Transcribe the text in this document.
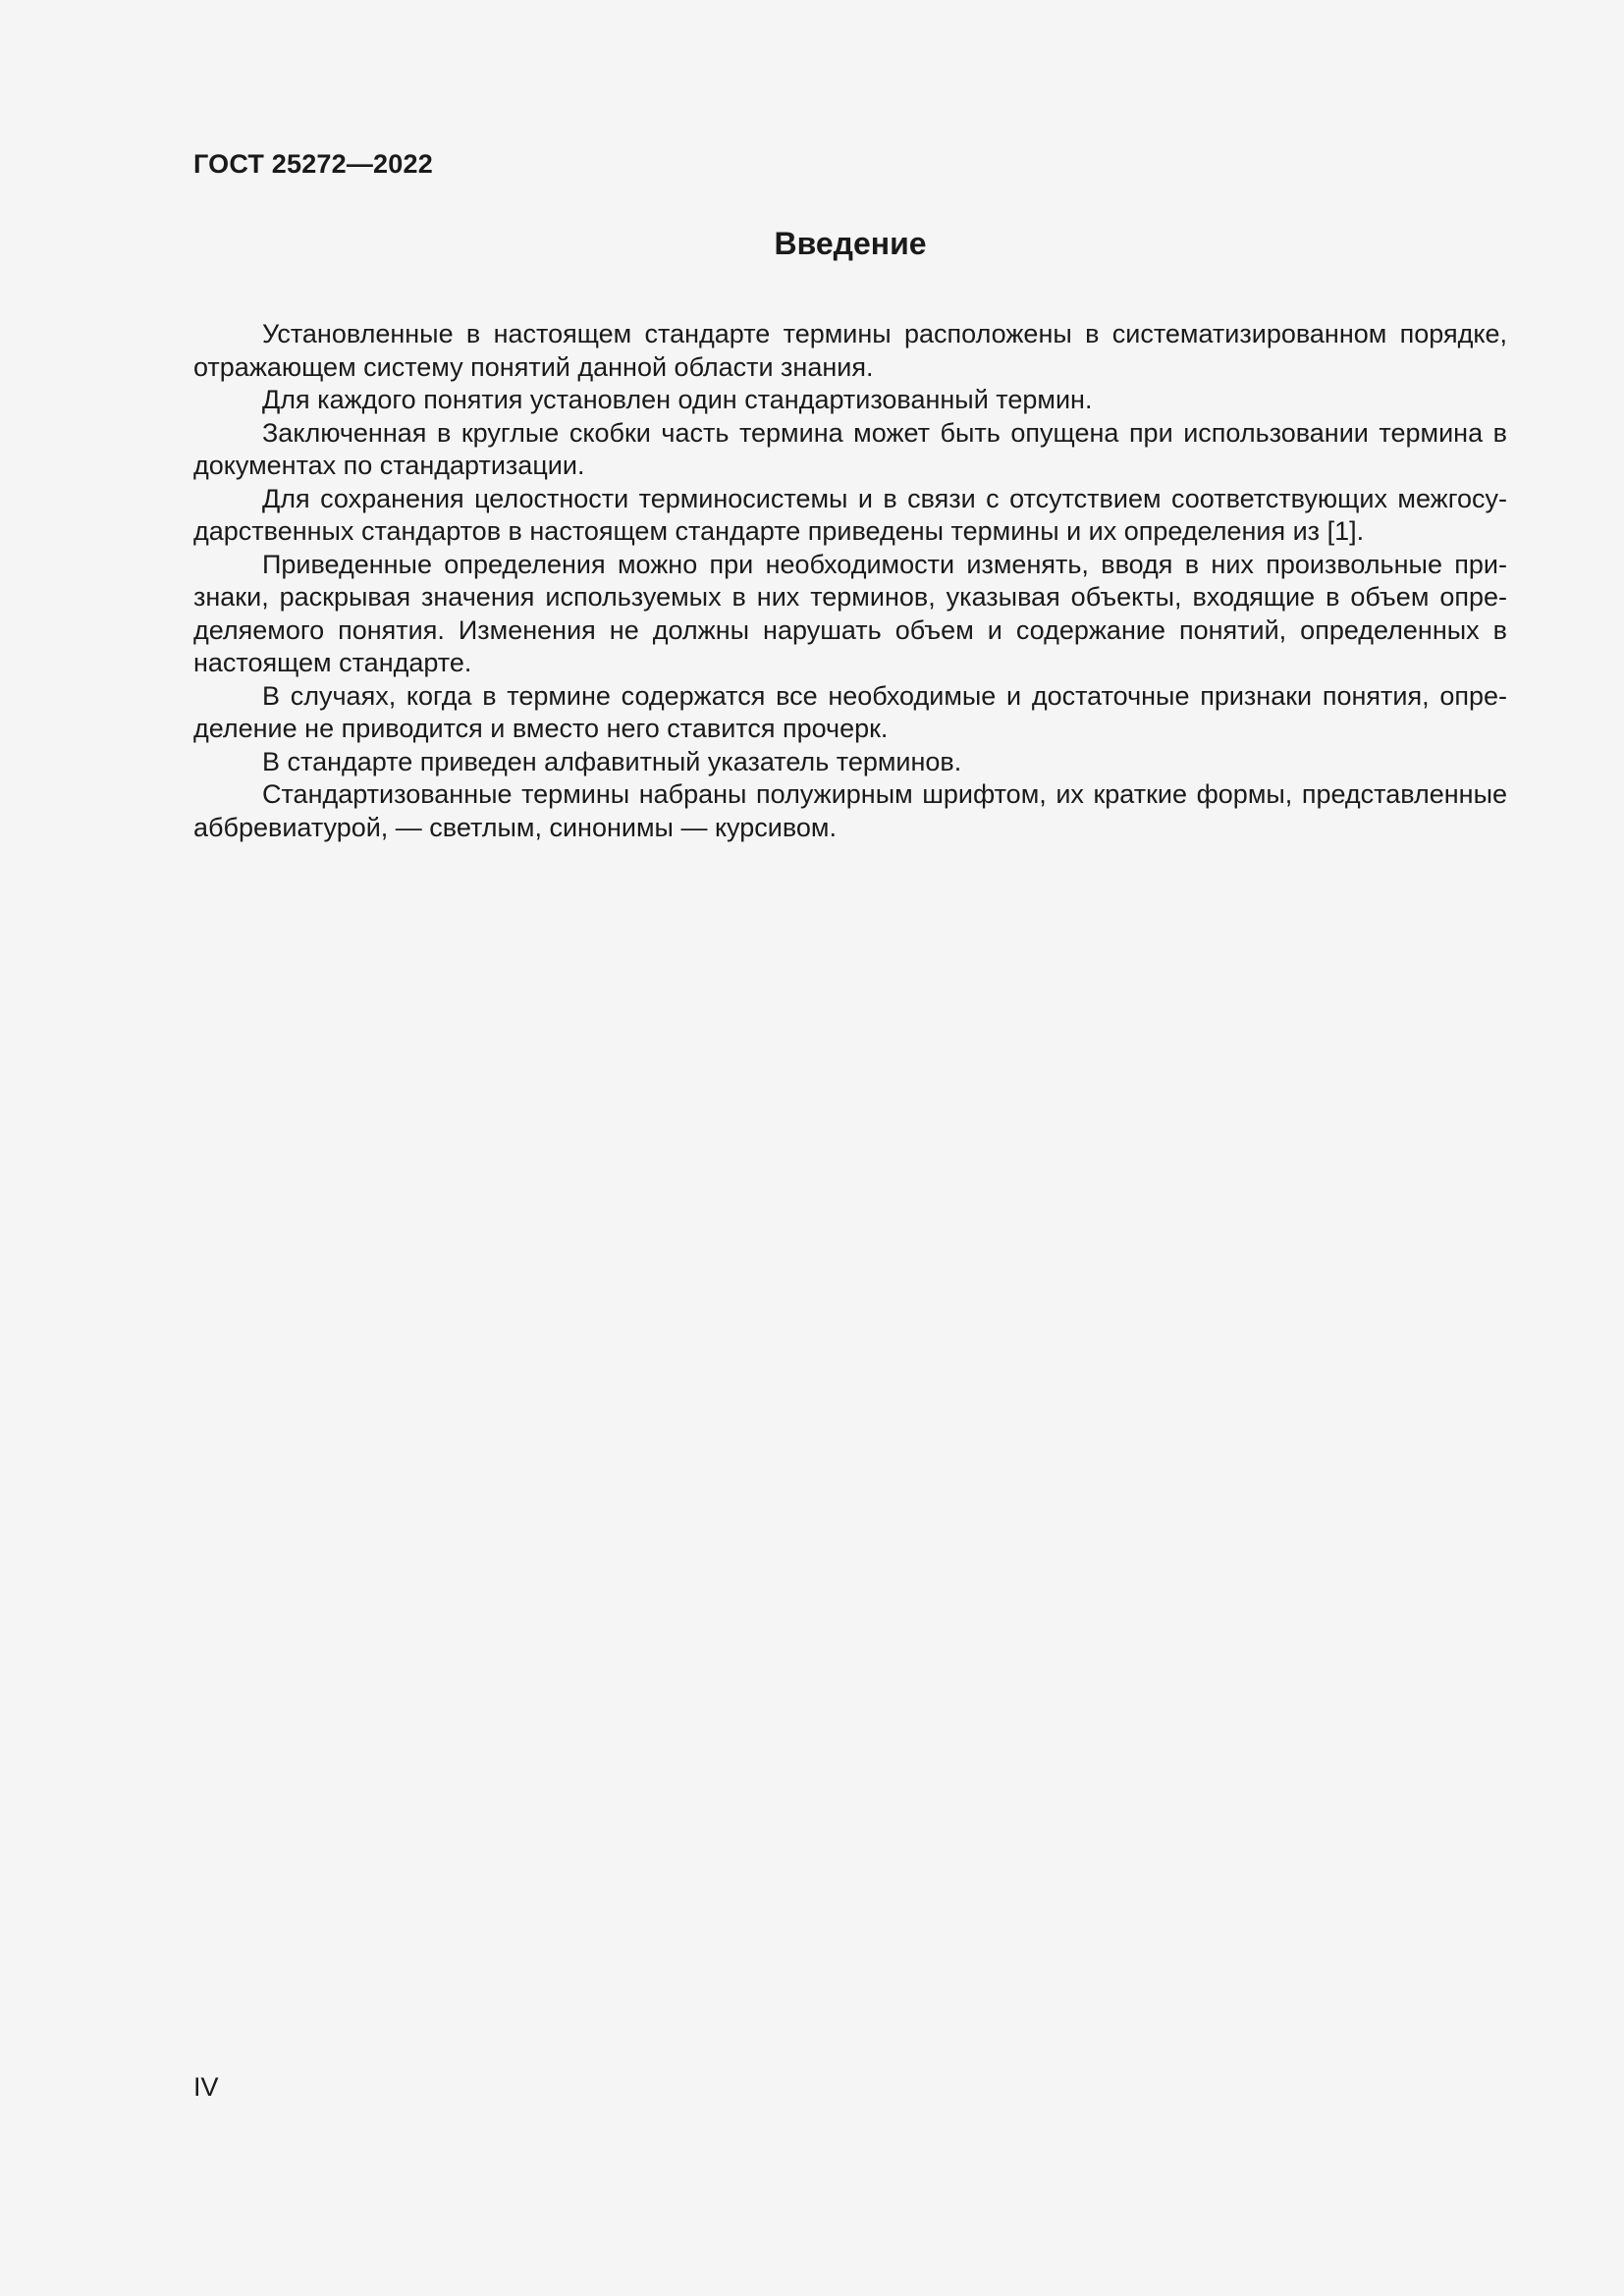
ГОСТ 25272—2022
Введение

Установленные в настоящем стандарте термины расположены в систематизированном порядке, отражающем систему понятий данной области знания.

Для каждого понятия установлен один стандартизованный термин.

Заключенная в круглые скобки часть термина может быть опущена при использовании термина в документах по стандартизации.

Для сохранения целостности терминосистемы и в связи с отсутствием соответствующих межгосударственных стандартов в настоящем стандарте приведены термины и их определения из [1].

Приведенные определения можно при необходимости изменять, вводя в них произвольные признаки, раскрывая значения используемых в них терминов, указывая объекты, входящие в объем определяемого понятия. Изменения не должны нарушать объем и содержание понятий, определенных в настоящем стандарте.

В случаях, когда в термине содержатся все необходимые и достаточные признаки понятия, определение не приводится и вместо него ставится прочерк.

В стандарте приведен алфавитный указатель терминов.

Стандартизованные термины набраны полужирным шрифтом, их краткие формы, представленные аббревиатурой, — светлым, синонимы — курсивом.

IV
